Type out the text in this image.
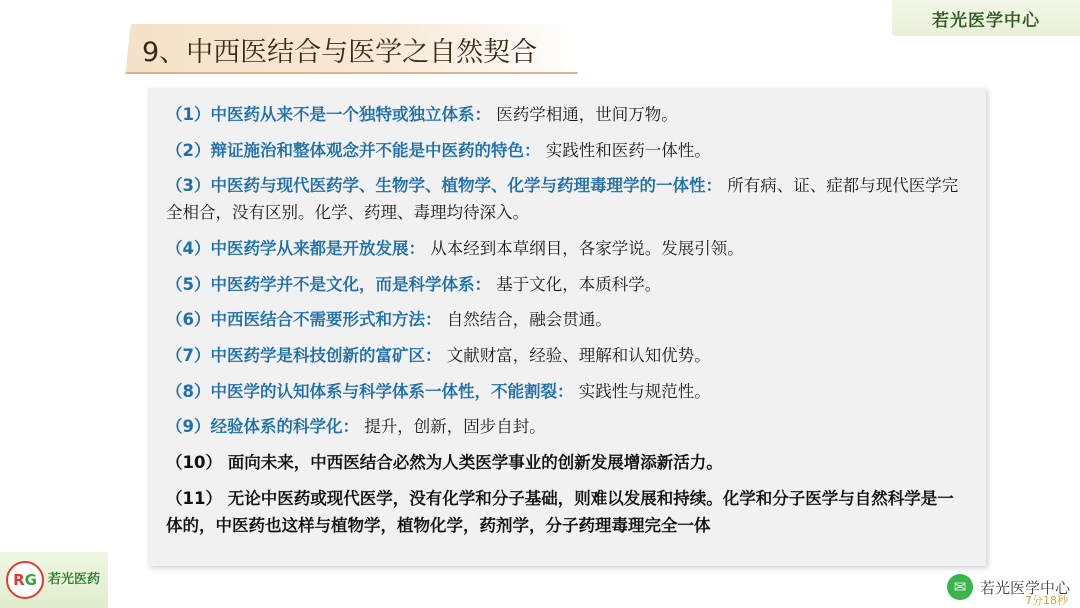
若光医学中心
9、中西医结合与医学之自然契合
（1）中医药从来不是一个独特或独立体系： 医药学相通，世间万物。
（2）辩证施治和整体观念并不能是中医药的特色： 实践性和医药一体性。
（3）中医药与现代医药学、生物学、植物学、化学与药理毒理学的一体性： 所有病、证、症都与现代医学完全相合，没有区别。化学、药理、毒理均待深入。
（4）中医药学从来都是开放发展： 从本经到本草纲目，各家学说。发展引领。
（5）中医药学并不是文化，而是科学体系： 基于文化，本质科学。
（6）中西医结合不需要形式和方法： 自然结合，融会贯通。
（7）中医药学是科技创新的富矿区： 文献财富，经验、理解和认知优势。
（8）中医学的认知体系与科学体系一体性，不能割裂： 实践性与规范性。
（9）经验体系的科学化： 提升，创新，固步自封。
（10） 面向未来，中西医结合必然为人类医学事业的创新发展增添新活力。
（11） 无论中医药或现代医学，没有化学和分子基础，则难以发展和持续。化学和分子医学与自然科学是一体的，中医药也这样与植物学，植物化学，药剂学，分子药理毒理完全一体
R G 若光医药	✉ 若光医学中心
7分18秒
